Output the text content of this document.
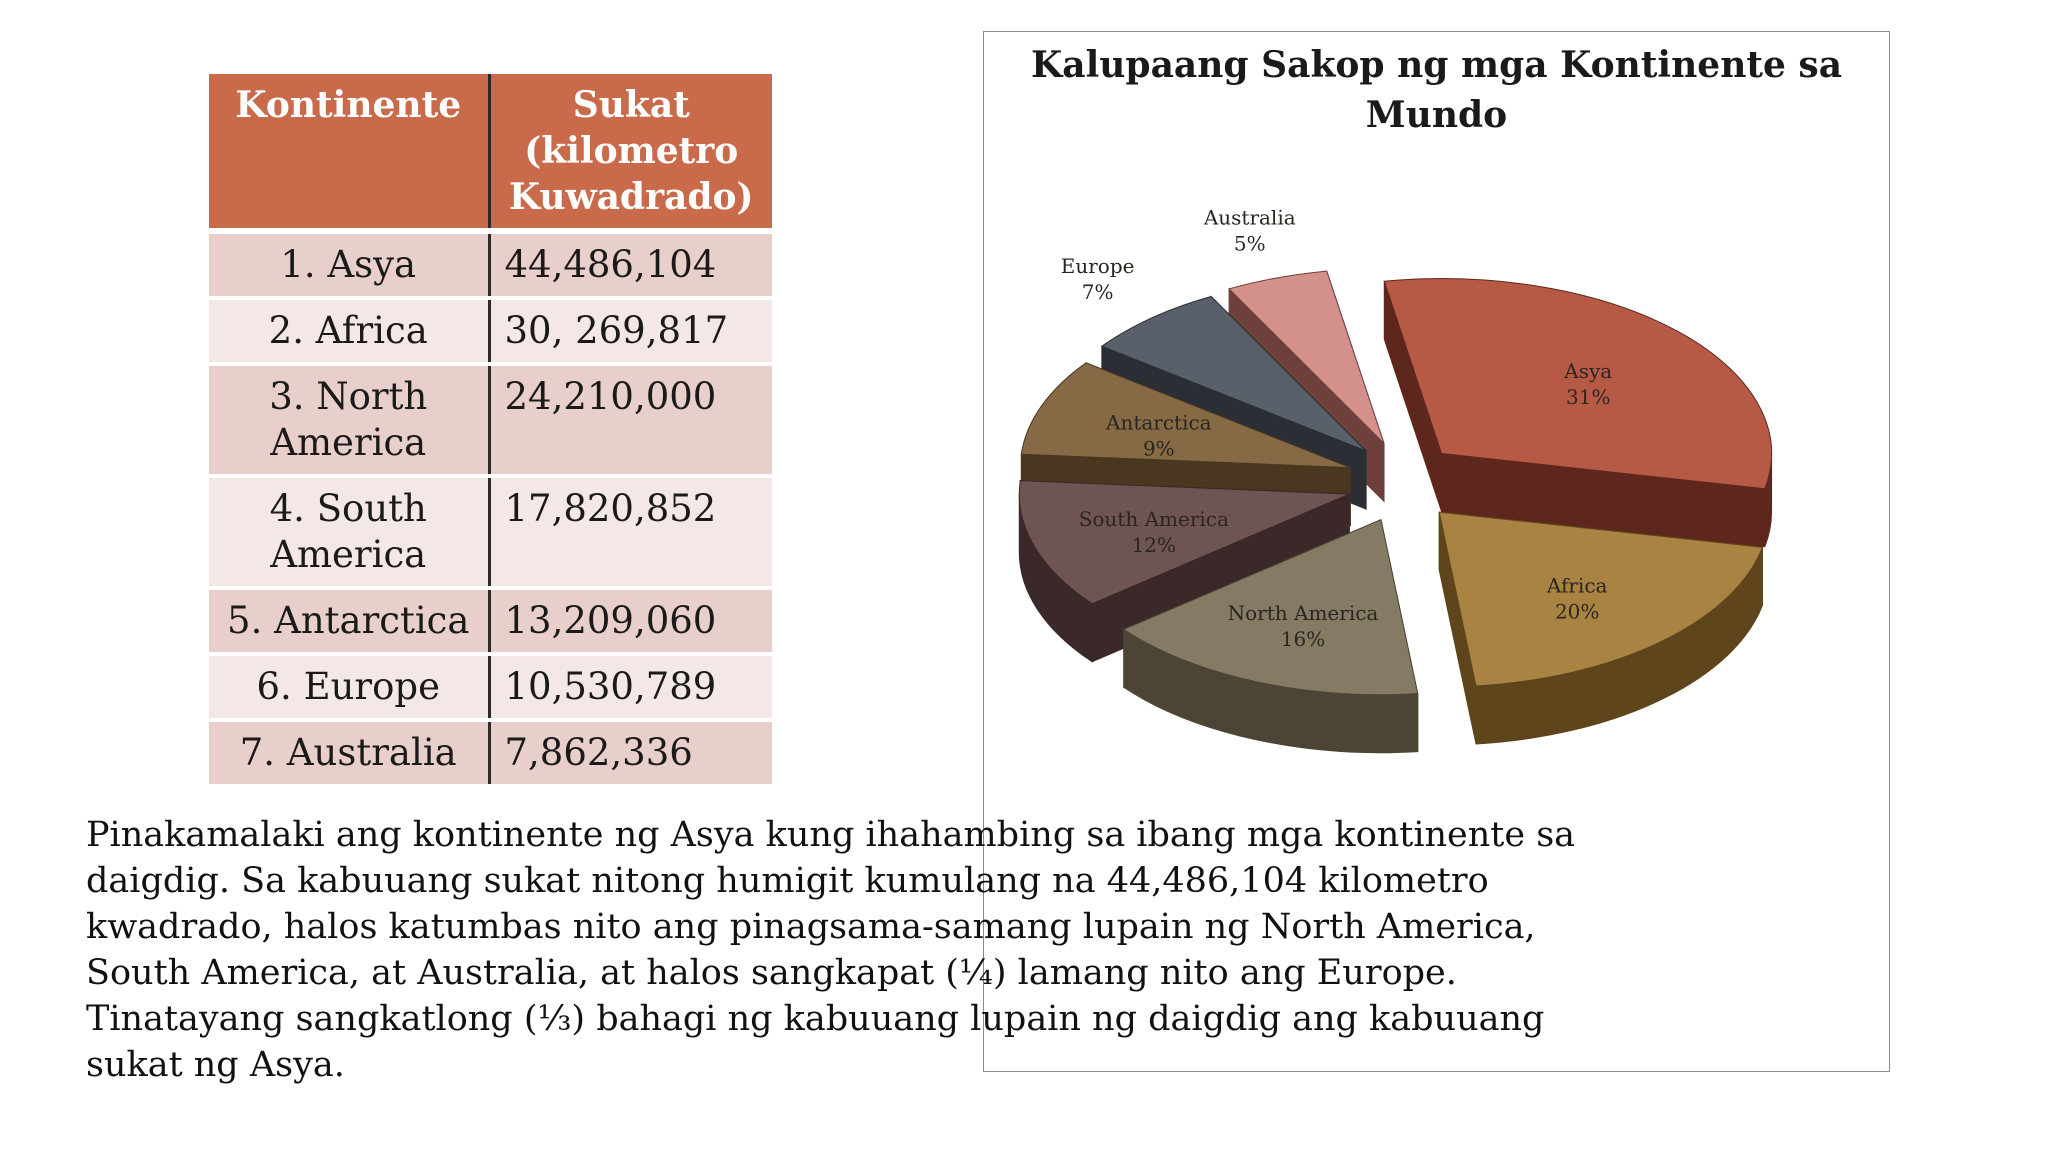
Kontinente	Sukat (kilometro Kuwadrado)
1. Asya	44,486,104
2. Africa	30, 269,817
3. North America	24,210,000
4. South America	17,820,852
5. Antarctica	13,209,060
6. Europe	10,530,789
7. Australia	7,862,336
Kalupaang Sakop ng mga Kontinente sa
Mundo
Asya
31%
Africa
20%
North America
16%
South America
12%
Antarctica
9%
Europe
7%
Australia
5%

Pinakamalaki ang kontinente ng Asya kung ihahambing sa ibang mga kontinente sa daigdig. Sa kabuuang sukat nitong humigit kumulang na 44,486,104 kilometro kwadrado, halos katumbas nito ang pinagsama-samang lupain ng North America, South America, at Australia, at halos sangkapat (¼) lamang nito ang Europe. Tinatayang sangkatlong (⅓) bahagi ng kabuuang lupain ng daigdig ang kabuuang sukat ng Asya.
